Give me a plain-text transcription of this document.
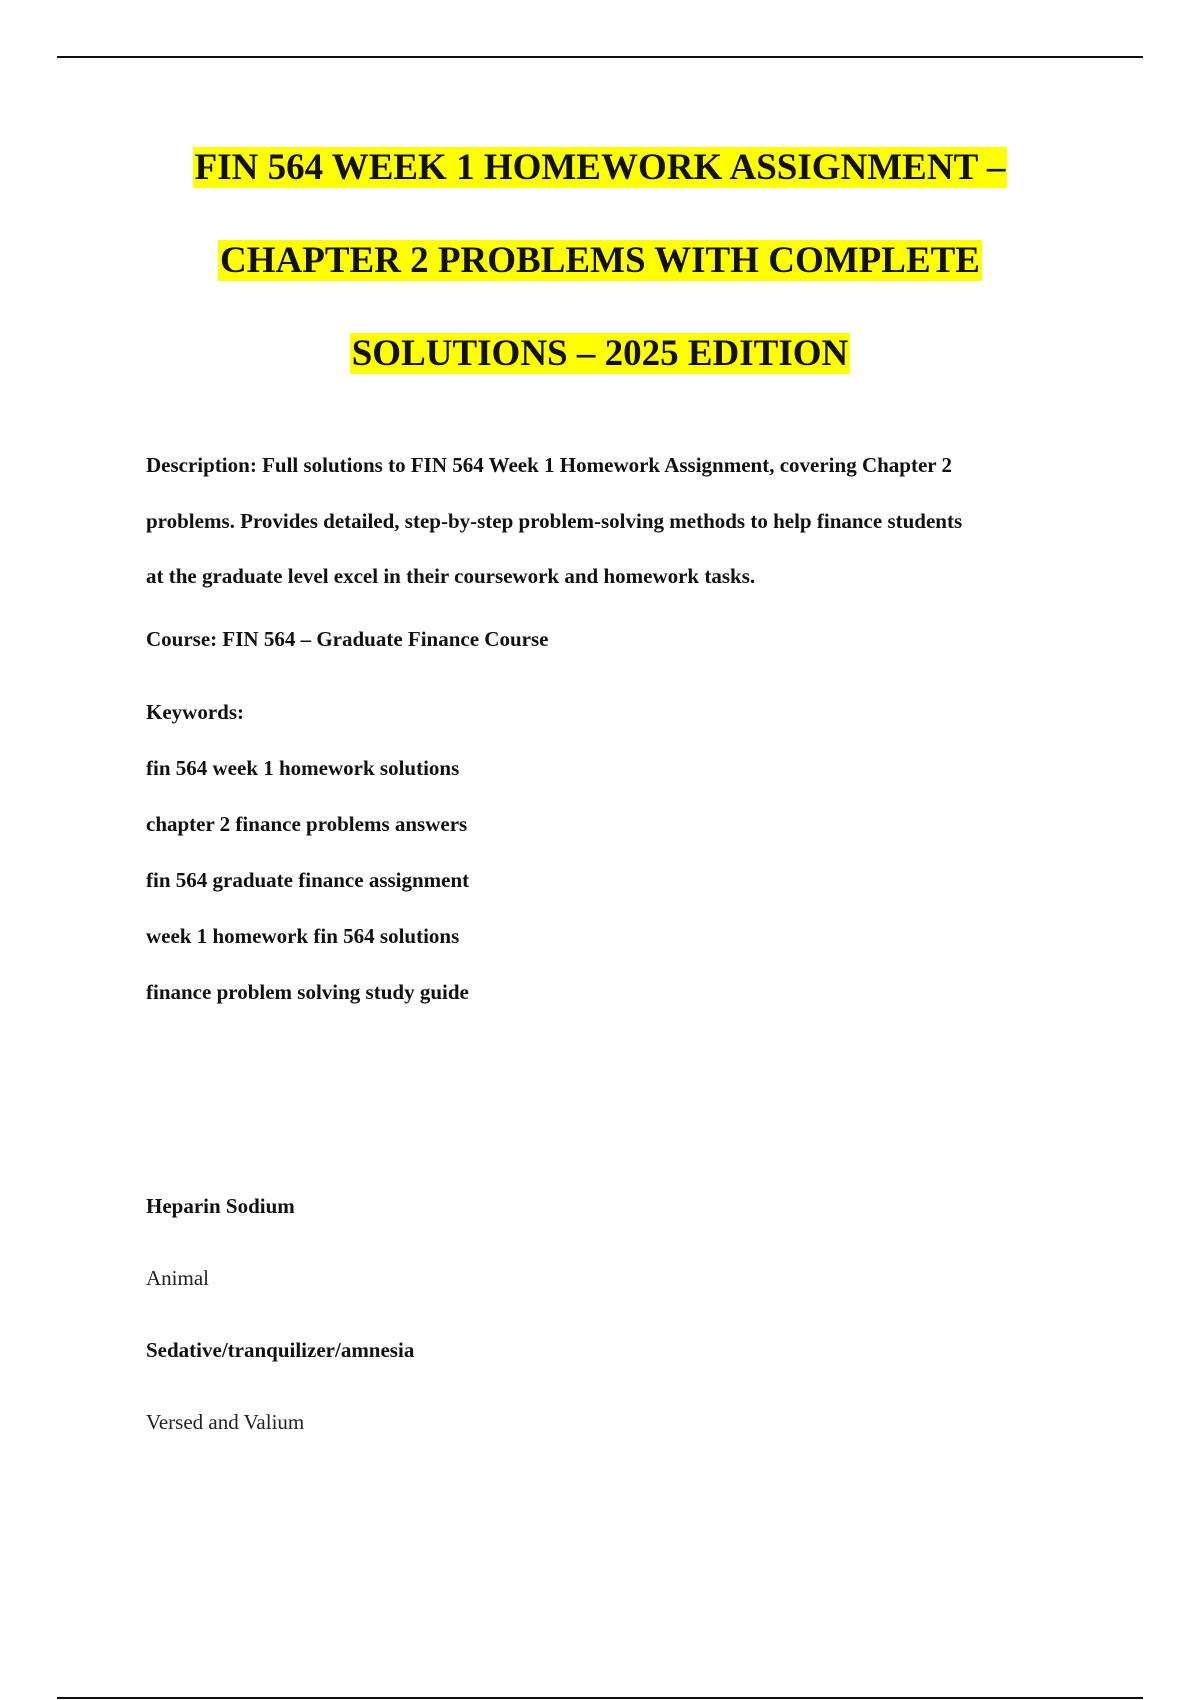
FIN 564 WEEK 1 HOMEWORK ASSIGNMENT –
CHAPTER 2 PROBLEMS WITH COMPLETE
SOLUTIONS – 2025 EDITION

Description: Full solutions to FIN 564 Week 1 Homework Assignment, covering Chapter 2

problems. Provides detailed, step-by-step problem-solving methods to help finance students

at the graduate level excel in their coursework and homework tasks.

Course: FIN 564 – Graduate Finance Course

Keywords:

fin 564 week 1 homework solutions
chapter 2 finance problems answers
fin 564 graduate finance assignment
week 1 homework fin 564 solutions
finance problem solving study guide

Heparin Sodium

Animal

Sedative/tranquilizer/amnesia

Versed and Valium
